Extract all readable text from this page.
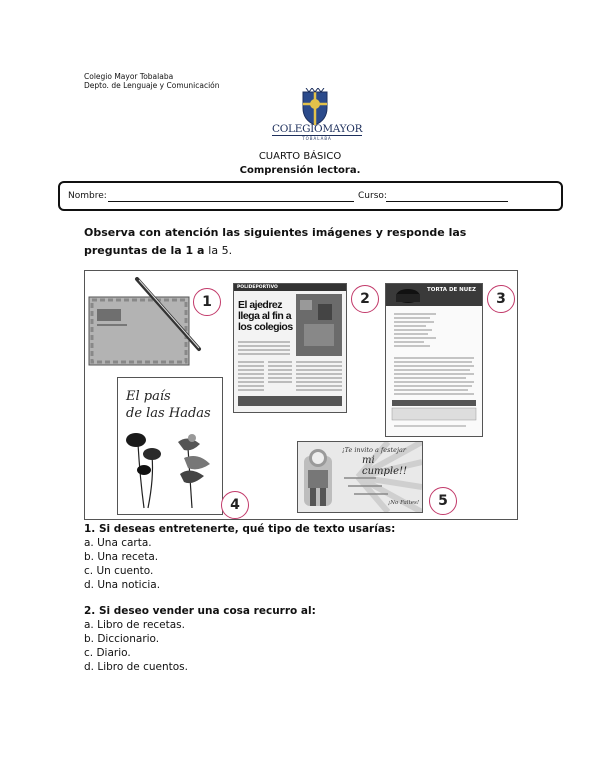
Colegio Mayor Tobalaba
Depto. de Lenguaje y Comunicación
COLEGIOMAYOR
TOBALABA
CUARTO BÁSICO
Comprensión lectora.
Nombre:	Curso:
Observa con atención las siguientes imágenes y responde las preguntas de la 1 a la 5.
1
POLIDEPORTIVO
El ajedrez
llega al fin a
los colegios
2
TORTA DE NUEZ
3
El país
de las Hadas
4
¡Te invito a festejar
mi cumple!!
¡No Faltes!	5
1. Si deseas entretenerte, qué tipo de texto usarías:
a. Una carta.
b. Una receta.
c. Un cuento.
d. Una noticia.
2. Si deseo vender una cosa recurro al:
a. Libro de recetas.
b. Diccionario.
c. Diario.
d. Libro de cuentos.
